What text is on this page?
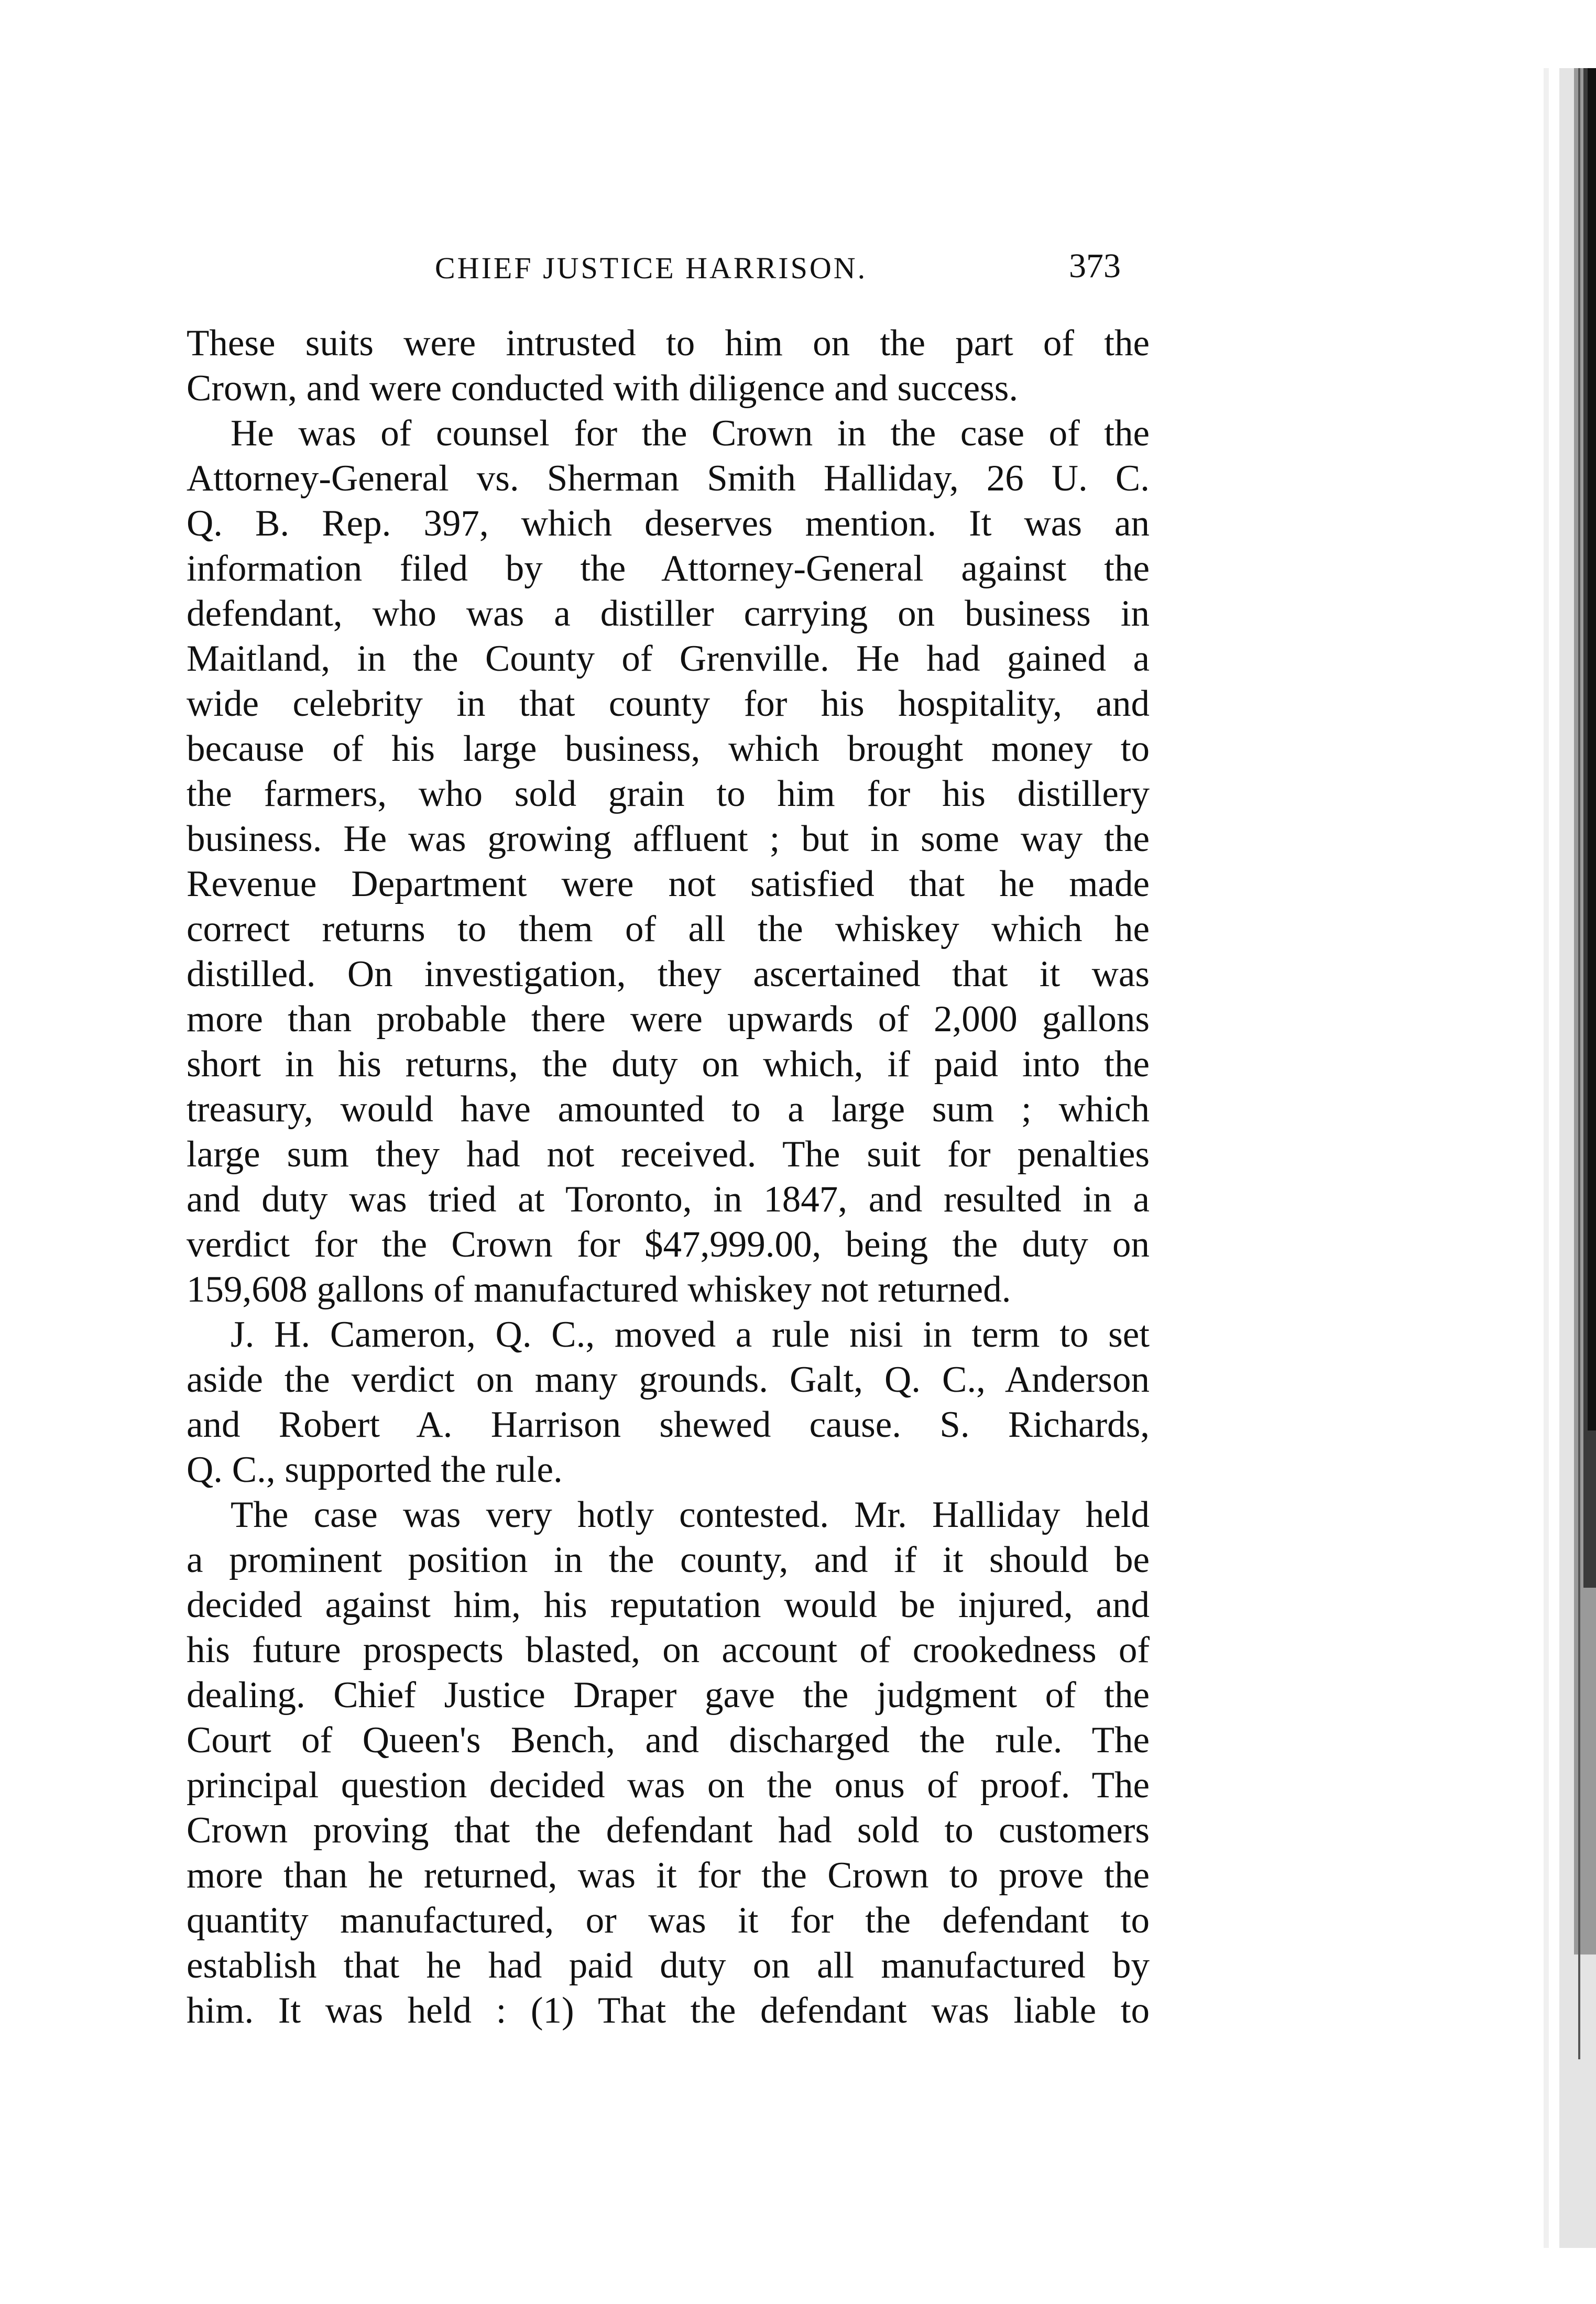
CHIEF JUSTICE HARRISON.	373
These suits were intrusted to him on the part of the
Crown, and were conducted with diligence and success.
He was of counsel for the Crown in the case of the
Attorney-General vs. Sherman Smith Halliday, 26 U. C.
Q. B. Rep. 397, which deserves mention. It was an
information filed by the Attorney-General against the
defendant, who was a distiller carrying on business in
Maitland, in the County of Grenville. He had gained a
wide celebrity in that county for his hospitality, and
because of his large business, which brought money to
the farmers, who sold grain to him for his distillery
business. He was growing affluent ; but in some way the
Revenue Department were not satisfied that he made
correct returns to them of all the whiskey which he
distilled. On investigation, they ascertained that it was
more than probable there were upwards of 2,000 gallons
short in his returns, the duty on which, if paid into the
treasury, would have amounted to a large sum ; which
large sum they had not received. The suit for penalties
and duty was tried at Toronto, in 1847, and resulted in a
verdict for the Crown for $47,999.00, being the duty on
159,608 gallons of manufactured whiskey not returned.
J. H. Cameron, Q. C., moved a rule nisi in term to set
aside the verdict on many grounds. Galt, Q. C., Anderson
and Robert A. Harrison shewed cause. S. Richards,
Q. C., supported the rule.
The case was very hotly contested. Mr. Halliday held
a prominent position in the county, and if it should be
decided against him, his reputation would be injured, and
his future prospects blasted, on account of crookedness of
dealing. Chief Justice Draper gave the judgment of the
Court of Queen's Bench, and discharged the rule. The
principal question decided was on the onus of proof. The
Crown proving that the defendant had sold to customers
more than he returned, was it for the Crown to prove the
quantity manufactured, or was it for the defendant to
establish that he had paid duty on all manufactured by
him. It was held : (1) That the defendant was liable to
